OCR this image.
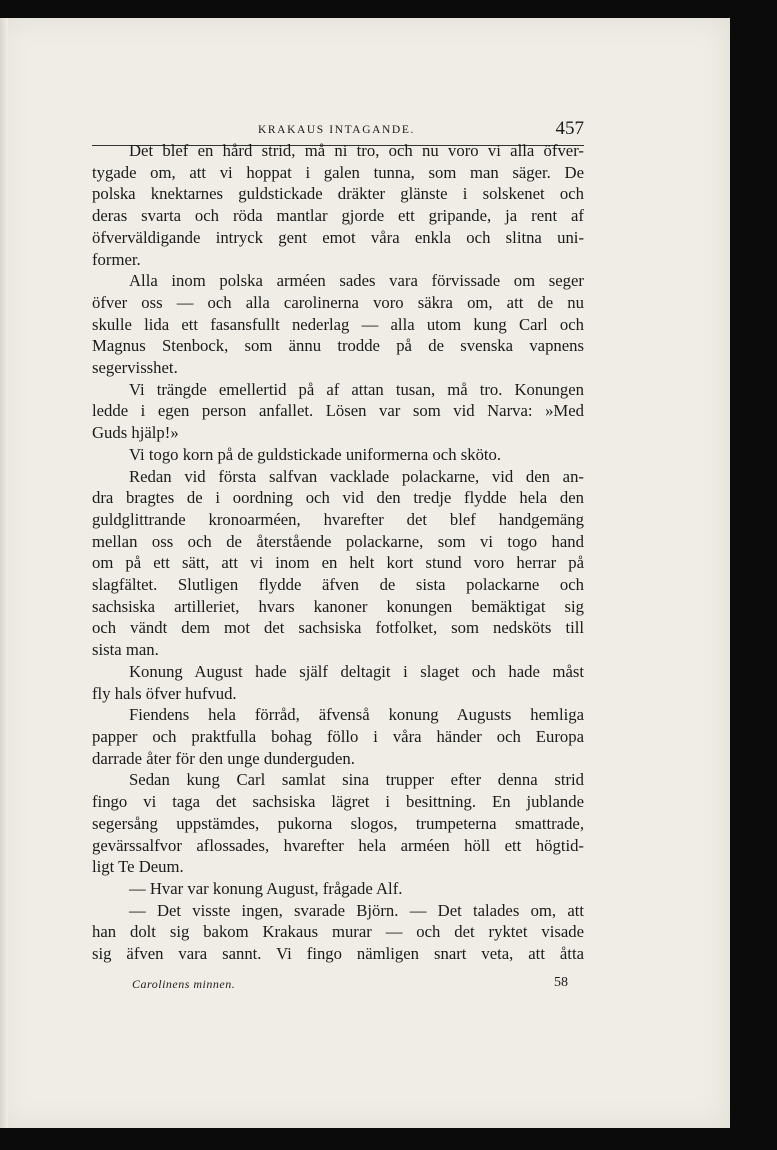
KRAKAUS INTAGANDE.	457
Det blef en hård strid, må ni tro, och nu voro vi alla öfver-
tygade om, att vi hoppat i galen tunna, som man säger. De
polska knektarnes guldstickade dräkter glänste i solskenet och
deras svarta och röda mantlar gjorde ett gripande, ja rent af
öfverväldigande intryck gent emot våra enkla och slitna uni-
former.
Alla inom polska arméen sades vara förvissade om seger
öfver oss — och alla carolinerna voro säkra om, att de nu
skulle lida ett fasansfullt nederlag — alla utom kung Carl och
Magnus Stenbock, som ännu trodde på de svenska vapnens
segervisshet.
Vi trängde emellertid på af attan tusan, må tro. Konungen
ledde i egen person anfallet. Lösen var som vid Narva: »Med
Guds hjälp!»
Vi togo korn på de guldstickade uniformerna och sköto.
Redan vid första salfvan vacklade polackarne, vid den an-
dra bragtes de i oordning och vid den tredje flydde hela den
guldglittrande kronoarméen, hvarefter det blef handgemäng
mellan oss och de återstående polackarne, som vi togo hand
om på ett sätt, att vi inom en helt kort stund voro herrar på
slagfältet. Slutligen flydde äfven de sista polackarne och
sachsiska artilleriet, hvars kanoner konungen bemäktigat sig
och vändt dem mot det sachsiska fotfolket, som nedsköts till
sista man.
Konung August hade själf deltagit i slaget och hade måst
fly hals öfver hufvud.
Fiendens hela förråd, äfvenså konung Augusts hemliga
papper och praktfulla bohag föllo i våra händer och Europa
darrade åter för den unge dunderguden.
Sedan kung Carl samlat sina trupper efter denna strid
fingo vi taga det sachsiska lägret i besittning. En jublande
segersång uppstämdes, pukorna slogos, trumpeterna smattrade,
gevärssalfvor aflossades, hvarefter hela arméen höll ett högtid-
ligt Te Deum.
— Hvar var konung August, frågade Alf.
— Det visste ingen, svarade Björn. — Det talades om, att
han dolt sig bakom Krakaus murar — och det ryktet visade
sig äfven vara sannt. Vi fingo nämligen snart veta, att åtta
Carolinens minnen.	58
